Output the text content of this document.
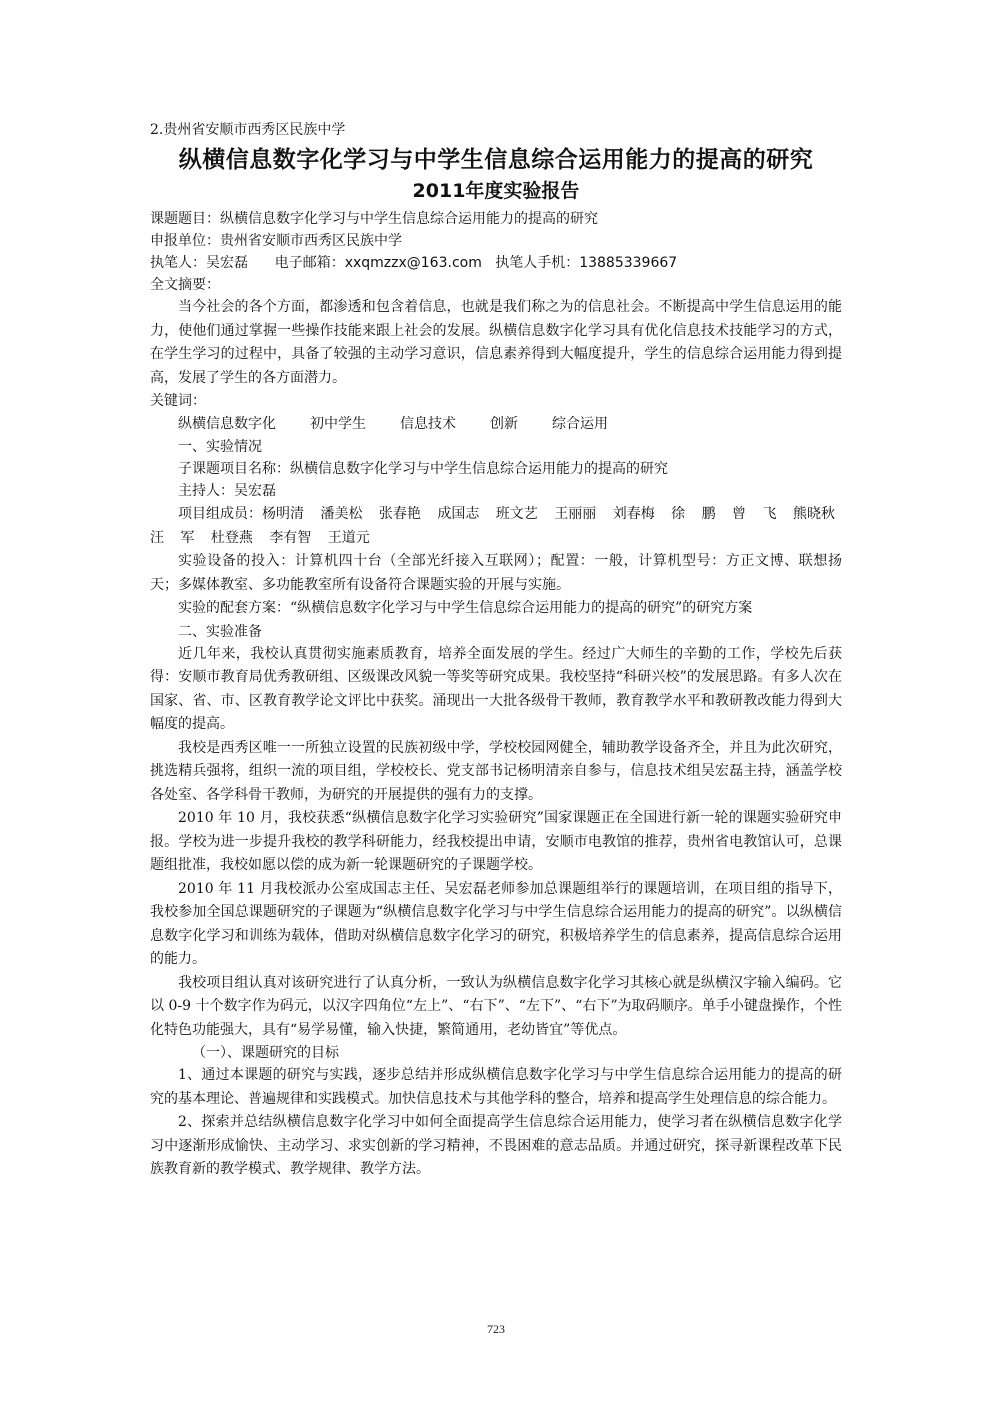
2.贵州省安顺市西秀区民族中学

纵横信息数字化学习与中学生信息综合运用能力的提高的研究
2011年度实验报告

课题题目：纵横信息数字化学习与中学生信息综合运用能力的提高的研究

申报单位：贵州省安顺市西秀区民族中学

执笔人：吴宏磊      电子邮箱：xxqmzzx@163.com   执笔人手机：13885339667

全文摘要：

当今社会的各个方面，都渗透和包含着信息，也就是我们称之为的信息社会。不断提高中学生信息运用的能力，使他们通过掌握一些操作技能来跟上社会的发展。纵横信息数字化学习具有优化信息技术技能学习的方式，在学生学习的过程中，具备了较强的主动学习意识，信息素养得到大幅度提升，学生的信息综合运用能力得到提高，发展了学生的各方面潜力。

关键词：

纵横信息数字化 初中学生 信息技术 创新 综合运用

一、实验情况

子课题项目名称：纵横信息数字化学习与中学生信息综合运用能力的提高的研究

主持人：吴宏磊

项目组成员：杨明清 潘美松 张春艳 成国志 班文艺 王丽丽 刘春梅 徐 鹏 曾 飞 熊晓秋 汪 军 杜登燕 李有智 王道元

实验设备的投入：计算机四十台（全部光纤接入互联网）；配置：一般，计算机型号：方正文博、联想扬天；多媒体教室、多功能教室所有设备符合课题实验的开展与实施。

实验的配套方案：“纵横信息数字化学习与中学生信息综合运用能力的提高的研究”的研究方案

二、实验准备

近几年来，我校认真贯彻实施素质教育，培养全面发展的学生。经过广大师生的辛勤的工作，学校先后获得：安顺市教育局优秀教研组、区级课改风貌一等奖等研究成果。我校坚持“科研兴校”的发展思路。有多人次在国家、省、市、区教育教学论文评比中获奖。涌现出一大批各级骨干教师，教育教学水平和教研教改能力得到大幅度的提高。

我校是西秀区唯一一所独立设置的民族初级中学，学校校园网健全，辅助教学设备齐全，并且为此次研究，挑选精兵强将，组织一流的项目组，学校校长、党支部书记杨明清亲自参与，信息技术组吴宏磊主持，涵盖学校各处室、各学科骨干教师，为研究的开展提供的强有力的支撑。

2010 年 10 月，我校获悉“纵横信息数字化学习实验研究”国家课题正在全国进行新一轮的课题实验研究申报。学校为进一步提升我校的教学科研能力，经我校提出申请，安顺市电教馆的推荐，贵州省电教馆认可，总课题组批准，我校如愿以偿的成为新一轮课题研究的子课题学校。

2010 年 11 月我校派办公室成国志主任、吴宏磊老师参加总课题组举行的课题培训，在项目组的指导下，我校参加全国总课题研究的子课题为“纵横信息数字化学习与中学生信息综合运用能力的提高的研究”。以纵横信息数字化学习和训练为载体，借助对纵横信息数字化学习的研究，积极培养学生的信息素养，提高信息综合运用的能力。

我校项目组认真对该研究进行了认真分析，一致认为纵横信息数字化学习其核心就是纵横汉字输入编码。它以 0-9 十个数字作为码元，以汉字四角位“左上”、“右下”、“左下”、“右下”为取码顺序。单手小键盘操作，个性化特色功能强大，具有“易学易懂，输入快捷，繁简通用，老幼皆宜”等优点。

（一）、课题研究的目标

1、通过本课题的研究与实践，逐步总结并形成纵横信息数字化学习与中学生信息综合运用能力的提高的研究的基本理论、普遍规律和实践模式。加快信息技术与其他学科的整合，培养和提高学生处理信息的综合能力。

2、探索并总结纵横信息数字化学习中如何全面提高学生信息综合运用能力，使学习者在纵横信息数字化学习中逐渐形成愉快、主动学习、求实创新的学习精神，不畏困难的意志品质。并通过研究，探寻新课程改革下民族教育新的教学模式、教学规律、教学方法。

723
